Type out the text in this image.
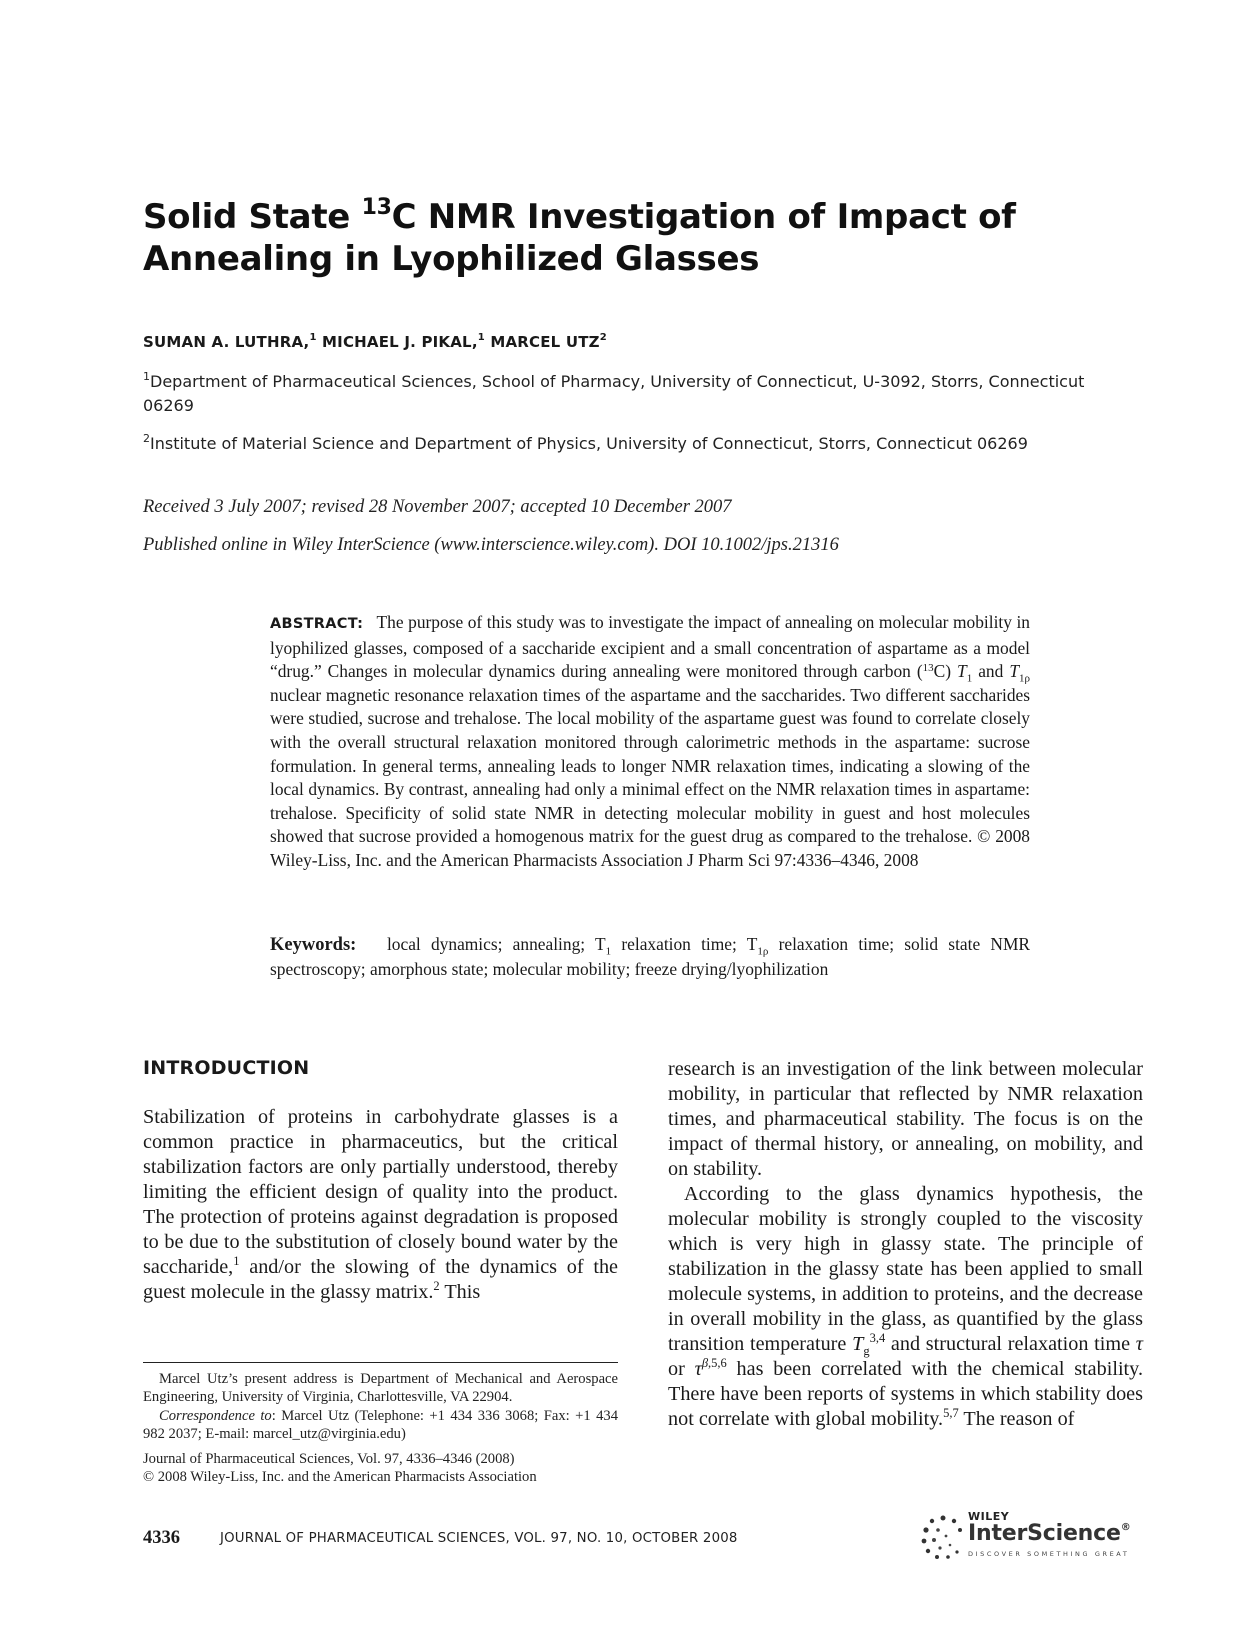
Solid State $^{13}$C NMR Investigation of Impact of Annealing in Lyophilized Glasses
SUMAN A. LUTHRA,$^1$ MICHAEL J. PIKAL,$^1$ MARCEL UTZ$^2$
$^1$Department of Pharmaceutical Sciences, School of Pharmacy, University of Connecticut, U-3092, Storrs, Connecticut 06269
$^2$Institute of Material Science and Department of Physics, University of Connecticut, Storrs, Connecticut 06269
Received 3 July 2007; revised 28 November 2007; accepted 10 December 2007
Published online in Wiley InterScience (www.interscience.wiley.com). DOI 10.1002/jps.21316
ABSTRACT: The purpose of this study was to investigate the impact of annealing on molecular mobility in lyophilized glasses, composed of a saccharide excipient and a small concentration of aspartame as a model “drug.” Changes in molecular dynamics during annealing were monitored through carbon ($^{13}$C) $T_1$ and $T_{1\rho}$ nuclear magnetic resonance relaxation times of the aspartame and the saccharides. Two different saccharides were studied, sucrose and trehalose. The local mobility of the aspartame guest was found to correlate closely with the overall structural relaxation monitored through calorimetric methods in the aspartame: sucrose formulation. In general terms, annealing leads to longer NMR relaxation times, indicating a slowing of the local dynamics. By contrast, annealing had only a minimal effect on the NMR relaxation times in aspartame: trehalose. Specificity of solid state NMR in detecting molecular mobility in guest and host molecules showed that sucrose provided a homogenous matrix for the guest drug as compared to the trehalose. © 2008 Wiley-Liss, Inc. and the American Pharmacists Association J Pharm Sci 97:4336–4346, 2008
Keywords: local dynamics; annealing; $T_1$ relaxation time; $T_{1\rho}$ relaxation time; solid state NMR spectroscopy; amorphous state; molecular mobility; freeze drying/lyophilization
INTRODUCTION

Stabilization of proteins in carbohydrate glasses is a common practice in pharmaceutics, but the critical stabilization factors are only partially understood, thereby limiting the efficient design of quality into the product. The protection of proteins against degradation is proposed to be due to the substitution of closely bound water by the saccharide,$^1$ and/or the slowing of the dynamics of the guest molecule in the glassy matrix.$^2$ This

Marcel Utz’s present address is Department of Mechanical and Aerospace Engineering, University of Virginia, Charlottesville, VA 22904.

Correspondence to: Marcel Utz (Telephone: +1 434 336 3068; Fax: +1 434 982 2037; E-mail: marcel_utz@virginia.edu)

Journal of Pharmaceutical Sciences, Vol. 97, 4336–4346 (2008)

© 2008 Wiley-Liss, Inc. and the American Pharmacists Association

research is an investigation of the link between molecular mobility, in particular that reflected by NMR relaxation times, and pharmaceutical stability. The focus is on the impact of thermal history, or annealing, on mobility, and on stability.

According to the glass dynamics hypothesis, the molecular mobility is strongly coupled to the viscosity which is very high in glassy state. The principle of stabilization in the glassy state has been applied to small molecule systems, in addition to proteins, and the decrease in overall mobility in the glass, as quantified by the glass transition temperature $T_g^{3,4}$ and structural relaxation time τ or $\tau^{\beta,5,6}$ has been correlated with the chemical stability. There have been reports of systems in which stability does not correlate with global mobility.$^{5,7}$ The reason of

4336	JOURNAL OF PHARMACEUTICAL SCIENCES, VOL. 97, NO. 10, OCTOBER 2008
WILEY
InterScience®
DISCOVER SOMETHING GREAT
